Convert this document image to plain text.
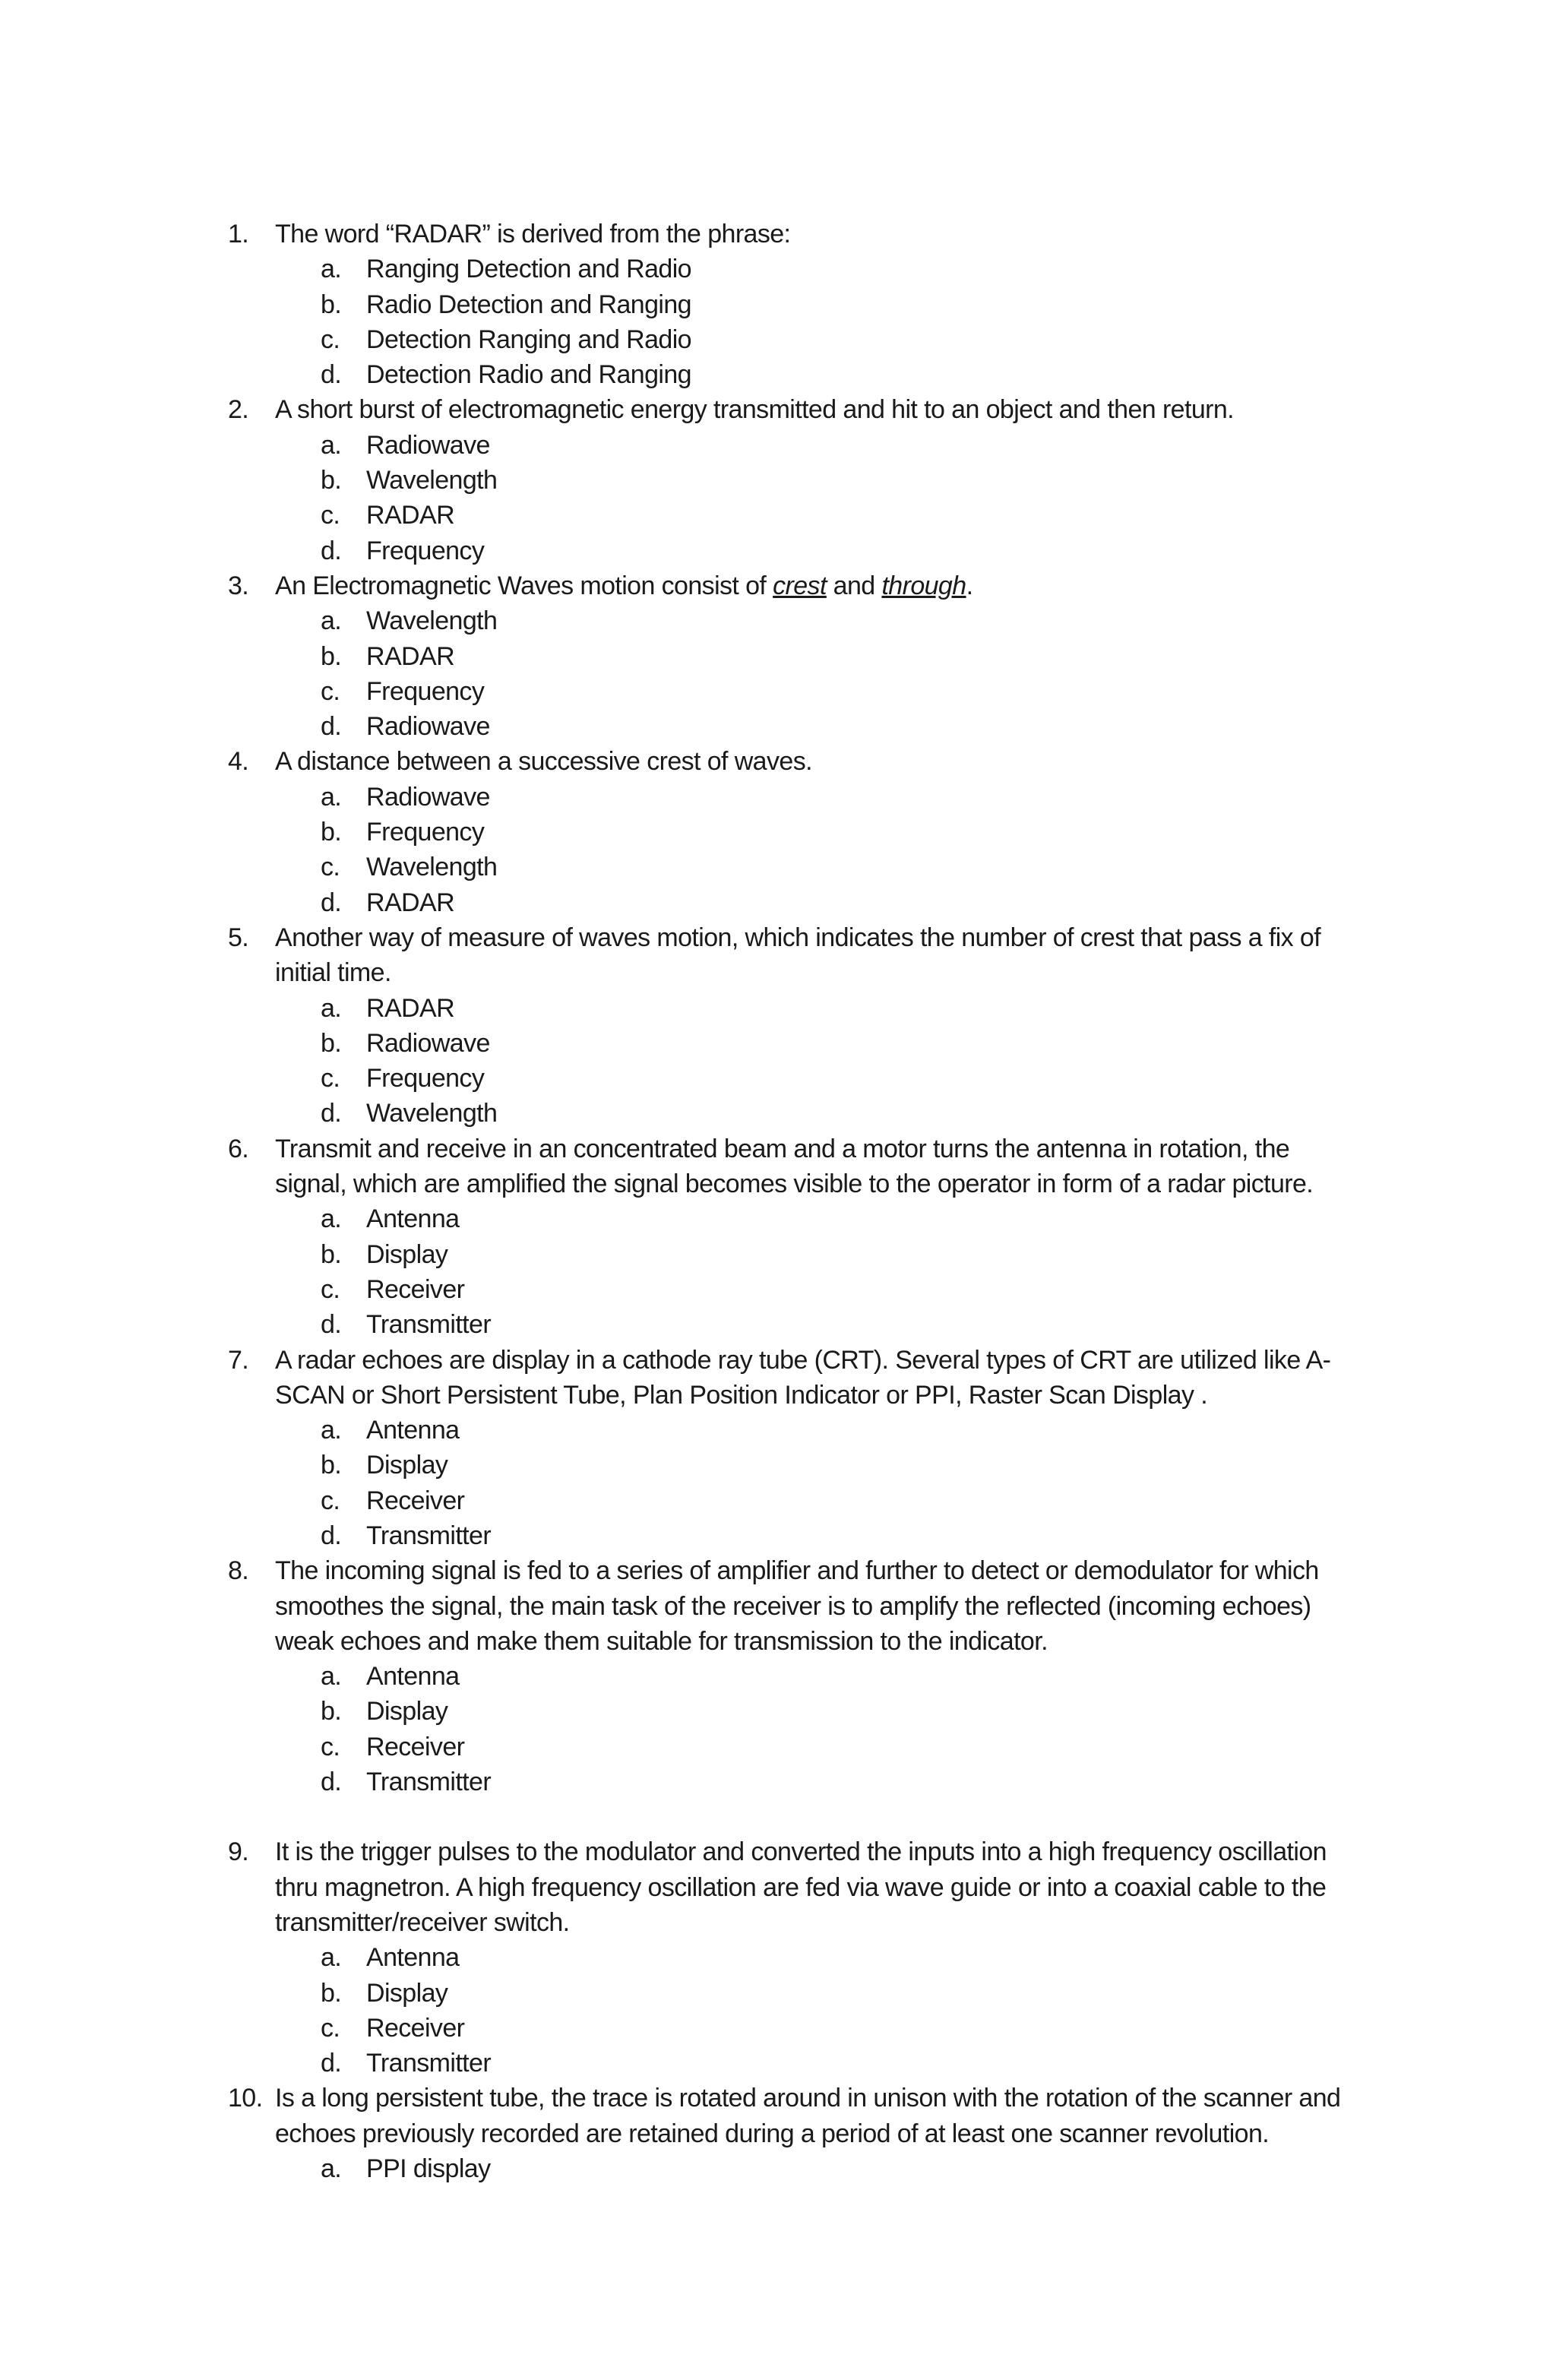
1. The word “RADAR” is derived from the phrase:
a. Ranging Detection and Radio
b. Radio Detection and Ranging
c. Detection Ranging and Radio
d. Detection Radio and Ranging
2. A short burst of electromagnetic energy transmitted and hit to an object and then return.
a. Radiowave
b. Wavelength
c. RADAR
d. Frequency
3. An Electromagnetic Waves motion consist of crest and through.
a. Wavelength
b. RADAR
c. Frequency
d. Radiowave
4. A distance between a successive crest of waves.
a. Radiowave
b. Frequency
c. Wavelength
d. RADAR
5. Another way of measure of waves motion, which indicates the number of crest that pass a fix of initial time.
a. RADAR
b. Radiowave
c. Frequency
d. Wavelength
6. Transmit and receive in an concentrated beam and a motor turns the antenna in rotation, the signal, which are amplified the signal becomes visible to the operator in form of a radar picture.
a. Antenna
b. Display
c. Receiver
d. Transmitter
7. A radar echoes are display in a cathode ray tube (CRT). Several types of CRT are utilized like A-SCAN or Short Persistent Tube, Plan Position Indicator or PPI, Raster Scan Display .
a. Antenna
b. Display
c. Receiver
d. Transmitter
8. The incoming signal is fed to a series of amplifier and further to detect or demodulator for which smoothes the signal, the main task of the receiver is to amplify the reflected (incoming echoes) weak echoes and make them suitable for transmission to the indicator.
a. Antenna
b. Display
c. Receiver
d. Transmitter
9. It is the trigger pulses to the modulator and converted the inputs into a high frequency oscillation thru magnetron. A high frequency oscillation are fed via wave guide or into a coaxial cable to the transmitter/receiver switch.
a. Antenna
b. Display
c. Receiver
d. Transmitter
10. Is a long persistent tube, the trace is rotated around in unison with the rotation of the scanner and echoes previously recorded are retained during a period of at least one scanner revolution.
a. PPI display
